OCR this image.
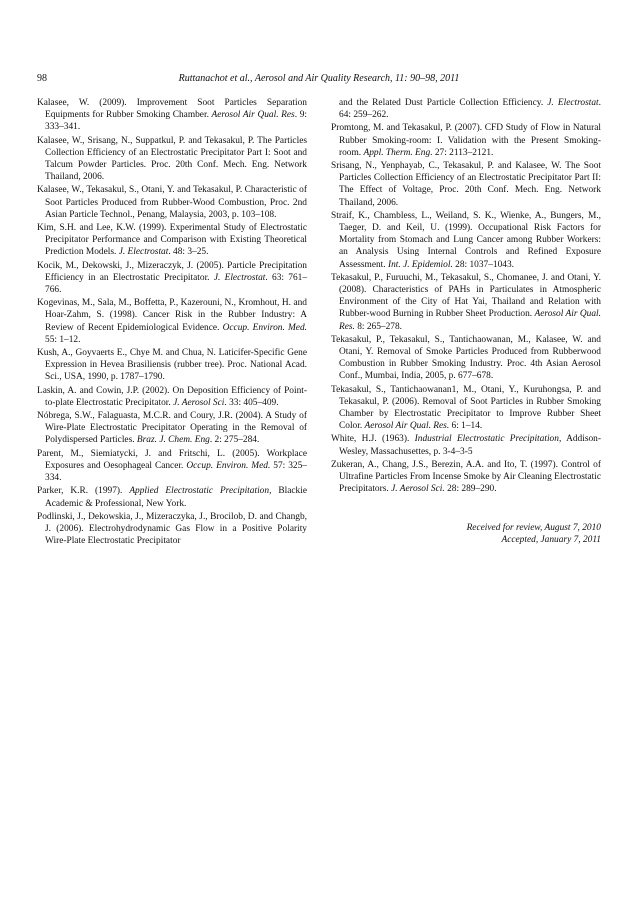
98	Ruttanachot et al., Aerosol and Air Quality Research, 11: 90–98, 2011

Kalasee, W. (2009). Improvement Soot Particles Separation Equipments for Rubber Smoking Chamber. Aerosol Air Qual. Res. 9: 333–341.

Kalasee, W., Srisang, N., Suppatkul, P. and Tekasakul, P. The Particles Collection Efficiency of an Electrostatic Precipitator Part I: Soot and Talcum Powder Particles. Proc. 20th Conf. Mech. Eng. Network Thailand, 2006.

Kalasee, W., Tekasakul, S., Otani, Y. and Tekasakul, P. Characteristic of Soot Particles Produced from Rubber-Wood Combustion, Proc. 2nd Asian Particle Technol., Penang, Malaysia, 2003, p. 103–108.

Kim, S.H. and Lee, K.W. (1999). Experimental Study of Electrostatic Precipitator Performance and Comparison with Existing Theoretical Prediction Models. J. Electrostat. 48: 3–25.

Kocik, M., Dekowski, J., Mizeraczyk, J. (2005). Particle Precipitation Efficiency in an Electrostatic Precipitator. J. Electrostat. 63: 761–766.

Kogevinas, M., Sala, M., Boffetta, P., Kazerouni, N., Kromhout, H. and Hoar-Zahm, S. (1998). Cancer Risk in the Rubber Industry: A Review of Recent Epidemiological Evidence. Occup. Environ. Med. 55: 1–12.

Kush, A., Goyvaerts E., Chye M. and Chua, N. Laticifer-Specific Gene Expression in Hevea Brasiliensis (rubber tree). Proc. National Acad. Sci., USA, 1990, p. 1787–1790.

Laskin, A. and Cowin, J.P. (2002). On Deposition Efficiency of Point-to-plate Electrostatic Precipitator. J. Aerosol Sci. 33: 405–409.

Nóbrega, S.W., Falaguasta, M.C.R. and Coury, J.R. (2004). A Study of Wire-Plate Electrostatic Precipitator Operating in the Removal of Polydispersed Particles. Braz. J. Chem. Eng. 2: 275–284.

Parent, M., Siemiatycki, J. and Fritschi, L. (2005). Workplace Exposures and Oesophageal Cancer. Occup. Environ. Med. 57: 325–334.

Parker, K.R. (1997). Applied Electrostatic Precipitation, Blackie Academic & Professional, New York.

Podlinski, J., Dekowskia, J., Mizeraczyka, J., Brocilob, D. and Changb, J. (2006). Electrohydrodynamic Gas Flow in a Positive Polarity Wire-Plate Electrostatic Precipitator

and the Related Dust Particle Collection Efficiency. J. Electrostat. 64: 259–262.

Promtong, M. and Tekasakul, P. (2007). CFD Study of Flow in Natural Rubber Smoking-room: I. Validation with the Present Smoking-room. Appl. Therm. Eng. 27: 2113–2121.

Srisang, N., Yenphayab, C., Tekasakul, P. and Kalasee, W. The Soot Particles Collection Efficiency of an Electrostatic Precipitator Part II: The Effect of Voltage, Proc. 20th Conf. Mech. Eng. Network Thailand, 2006.

Straif, K., Chambless, L., Weiland, S. K., Wienke, A., Bungers, M., Taeger, D. and Keil, U. (1999). Occupational Risk Factors for Mortality from Stomach and Lung Cancer among Rubber Workers: an Analysis Using Internal Controls and Refined Exposure Assessment. Int. J. Epidemiol. 28: 1037–1043.

Tekasakul, P., Furuuchi, M., Tekasakul, S., Chomanee, J. and Otani, Y. (2008). Characteristics of PAHs in Particulates in Atmospheric Environment of the City of Hat Yai, Thailand and Relation with Rubber-wood Burning in Rubber Sheet Production. Aerosol Air Qual. Res. 8: 265–278.

Tekasakul, P., Tekasakul, S., Tantichaowanan, M., Kalasee, W. and Otani, Y. Removal of Smoke Particles Produced from Rubberwood Combustion in Rubber Smoking Industry. Proc. 4th Asian Aerosol Conf., Mumbai, India, 2005, p. 677–678.

Tekasakul, S., Tantichaowanan1, M., Otani, Y., Kuruhongsa, P. and Tekasakul, P. (2006). Removal of Soot Particles in Rubber Smoking Chamber by Electrostatic Precipitator to Improve Rubber Sheet Color. Aerosol Air Qual. Res. 6: 1–14.

White, H.J. (1963). Industrial Electrostatic Precipitation, Addison-Wesley, Massachusettes, p. 3-4–3-5

Zukeran, A., Chang, J.S., Berezin, A.A. and Ito, T. (1997). Control of Ultrafine Particles From Incense Smoke by Air Cleaning Electrostatic Precipitators. J. Aerosol Sci. 28: 289–290.

Received for review, August 7, 2010
Accepted, January 7, 2011
